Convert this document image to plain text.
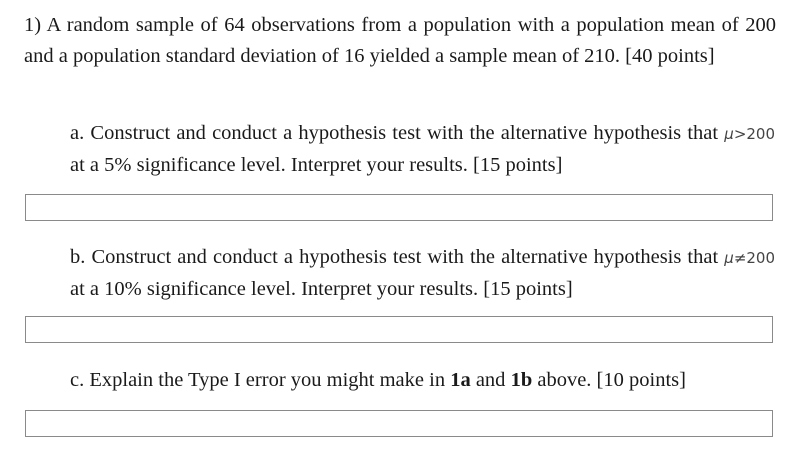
1) A random sample of 64 observations from a population with a population mean of 200 and a population standard deviation of 16 yielded a sample mean of 210. [40 points]
a. Construct and conduct a hypothesis test with the alternative hypothesis that μ>200 at a 5% significance level. Interpret your results. [15 points]
b. Construct and conduct a hypothesis test with the alternative hypothesis that μ≠200 at a 10% significance level. Interpret your results. [15 points]
c. Explain the Type I error you might make in 1a and 1b above. [10 points]
